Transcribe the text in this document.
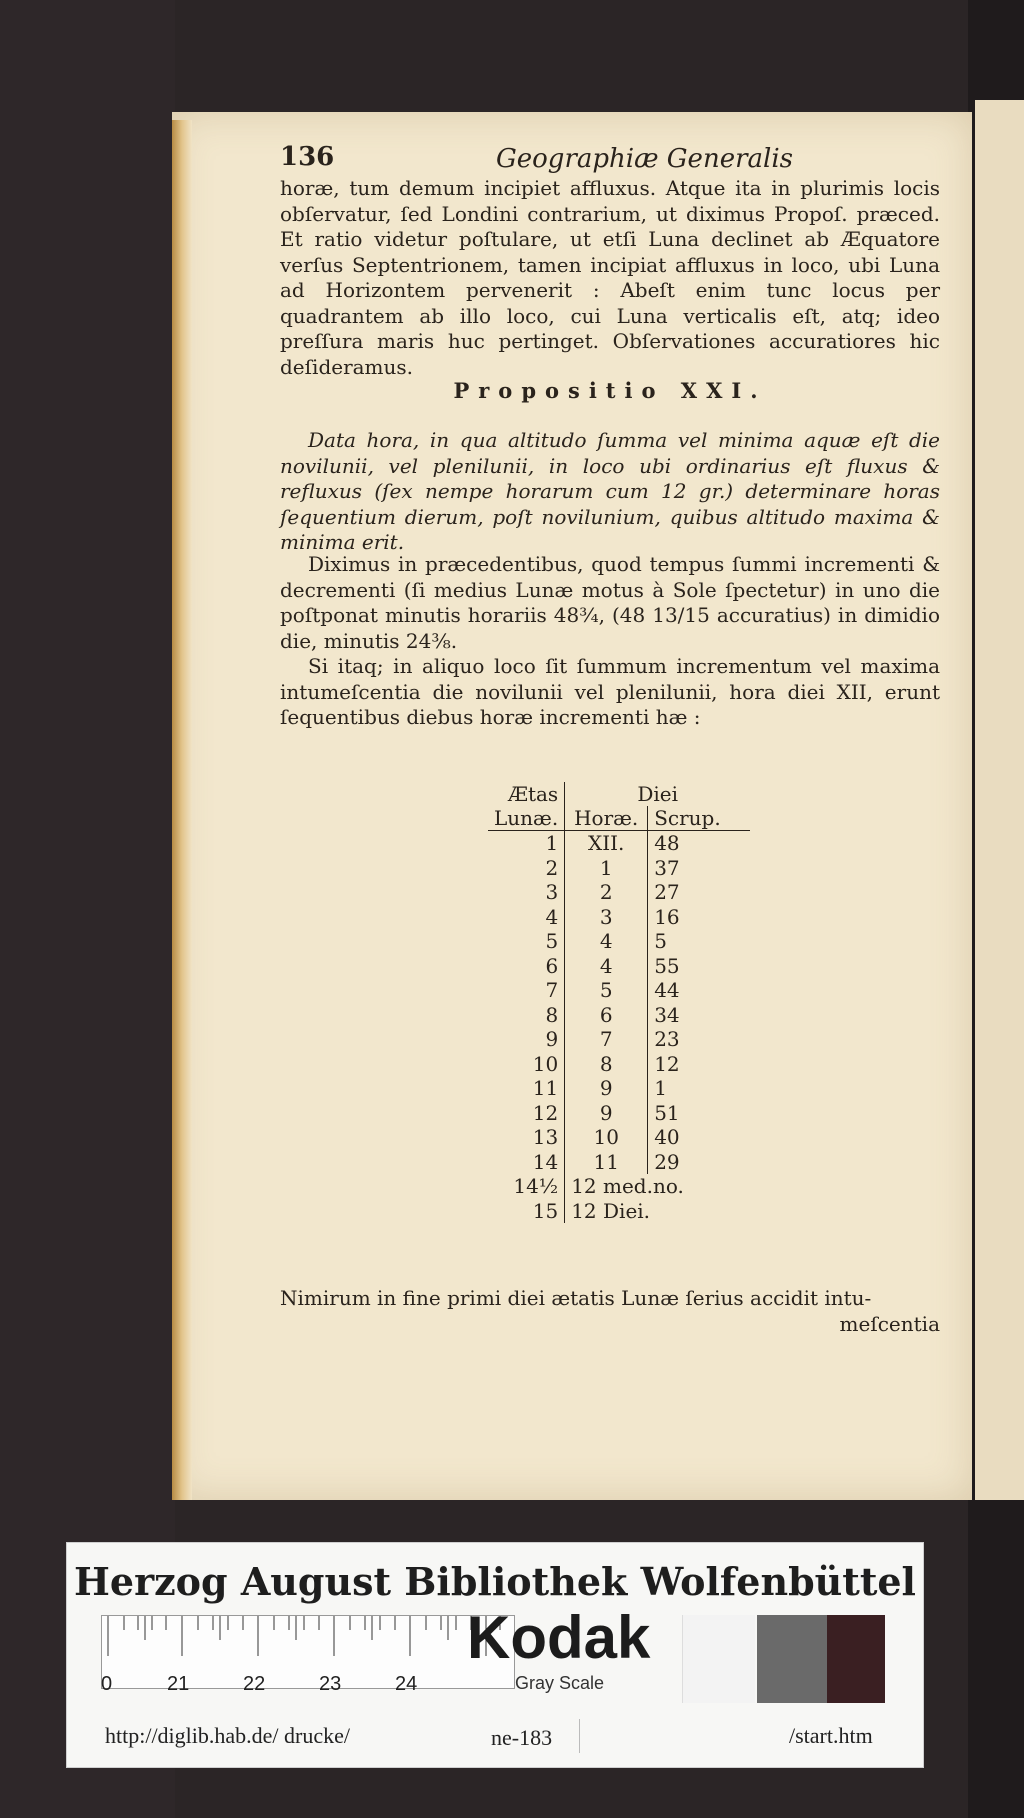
136	Geographiæ Generalis
horæ, tum demum incipiet affluxus. Atque ita in plurimis locis obſervatur, ſed Londini contrarium, ut diximus Propoſ. præced. Et ratio videtur poſtulare, ut etſi Luna declinet ab Æquatore verſus Septentrionem, tamen incipiat affluxus in loco, ubi Luna ad Horizontem pervenerit : Abeſt enim tunc locus per quadrantem ab illo loco, cui Luna verticalis eſt, atq; ideo preſſura maris huc pertinget. Obſervationes accuratiores hic deſideramus.
Propositio XXI.
Data hora, in qua altitudo ſumma vel minima aquæ eſt die novilunii, vel plenilunii, in loco ubi ordinarius eſt fluxus & refluxus (ſex nempe horarum cum 12 gr.) determinare horas ſequentium dierum, poſt novilunium, quibus altitudo maxima & minima erit.
Diximus in præcedentibus, quod tempus ſummi incrementi & decrementi (ſi medius Lunæ motus à Sole ſpectetur) in uno die poſtponat minutis horariis 48¾, (48 13/15 accuratius) in dimidio die, minutis 24⅜.
Si itaq; in aliquo loco ſit ſummum incrementum vel maxima intumeſcentia die novilunii vel plenilunii, hora diei XII, erunt ſequentibus diebus horæ incrementi hæ :
Ætas	Diei	
Lunæ.	Horæ.	Scrup.
1	XII.	48
2	1	37
3	2	27
4	3	16
5	4	5
6	4	55
7	5	44
8	6	34
9	7	23
10	8	12
11	9	1
12	9	51
13	10	40
14	11	29
14½	12 med.no.	
15	12 Diei.	
Nimirum in fine primi diei ætatis Lunæ ſerius accidit intu-
meſcentia
Herzog August Bibliothek Wolfenbüttel
0	21	22	23	24
Kodak
Gray Scale
http://diglib.hab.de/ drucke/	ne-183	/start.htm
